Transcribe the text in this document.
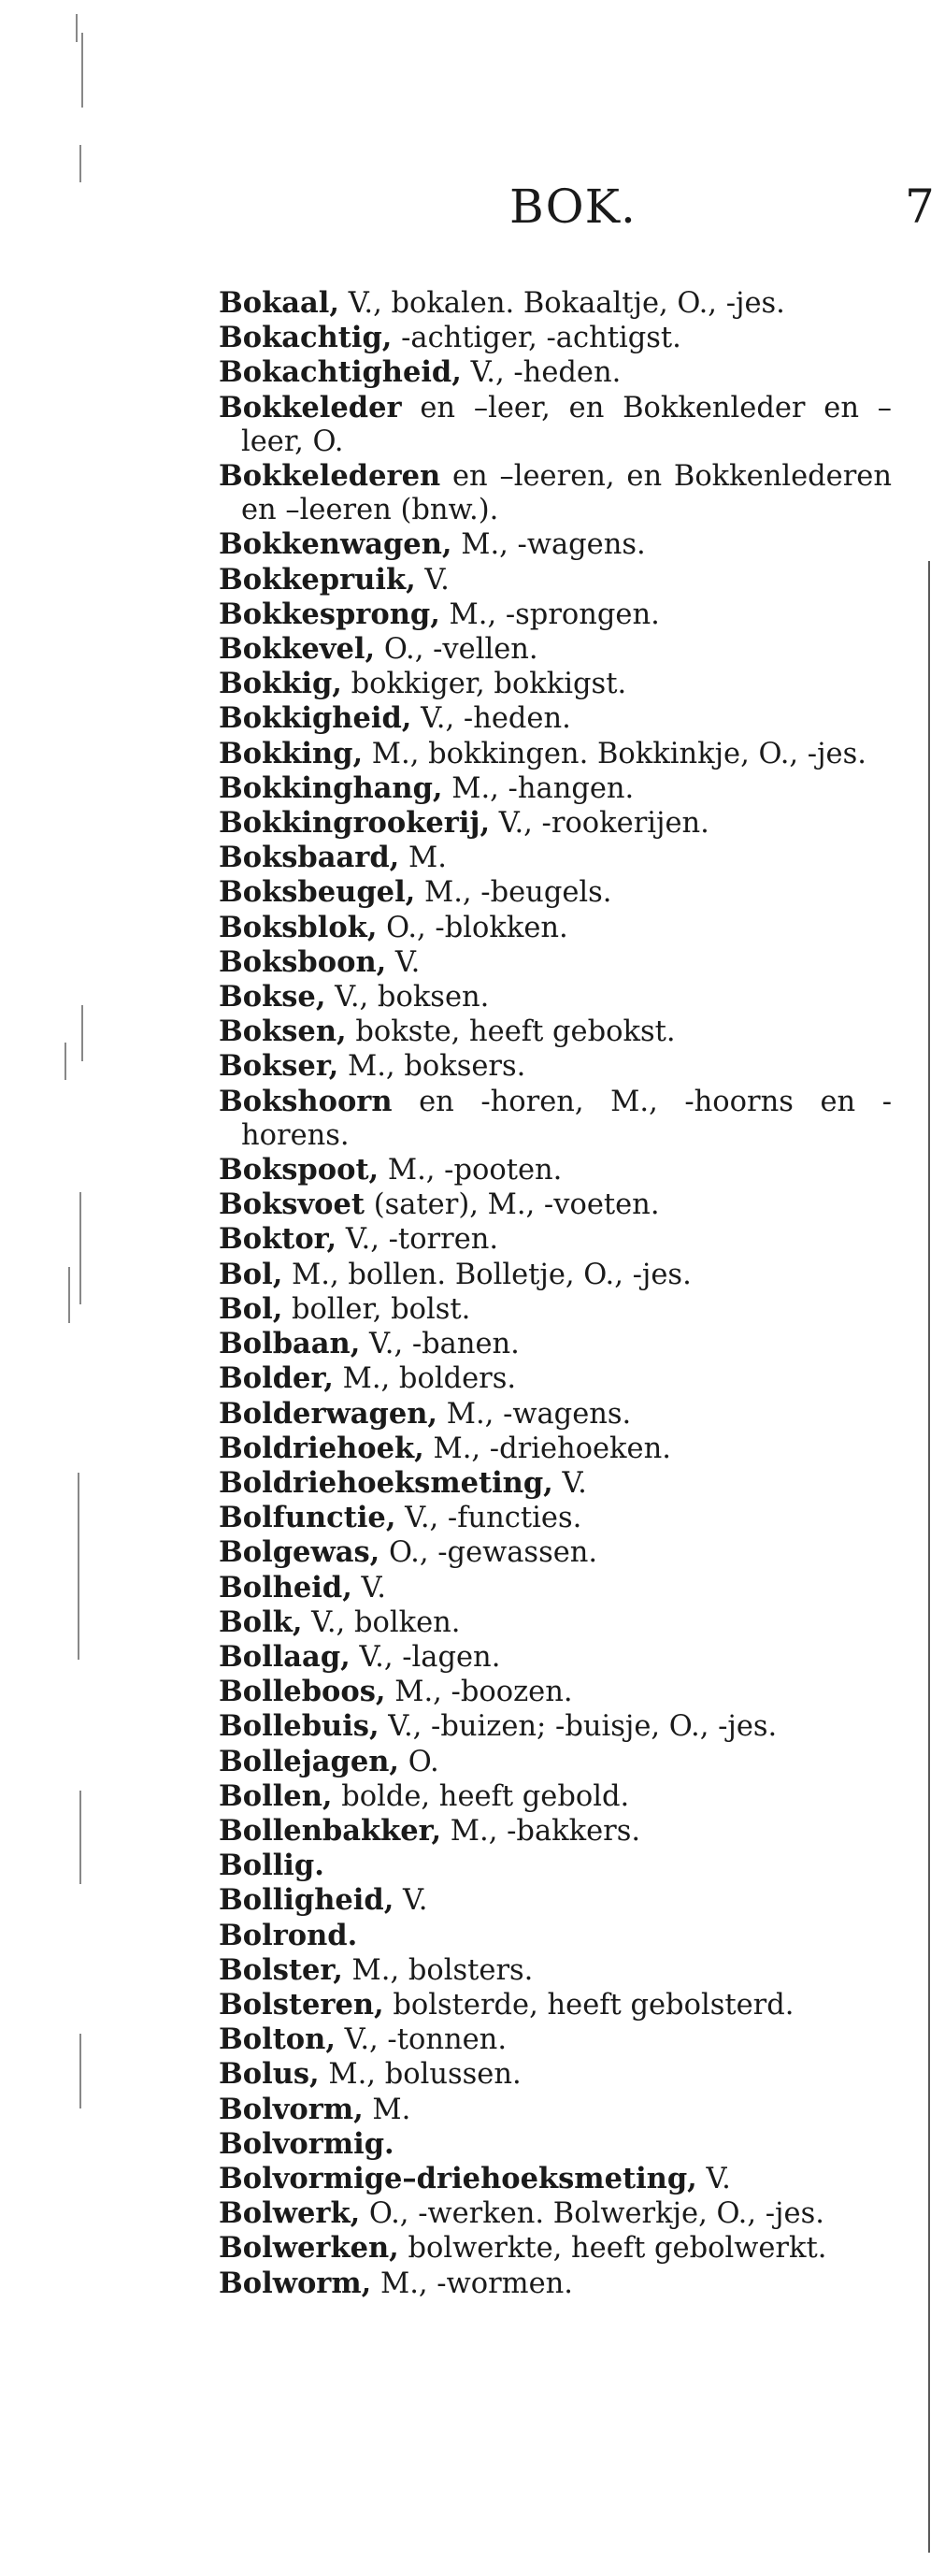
BOK.	7

Bokaal, V., bokalen. Bokaaltje, O., -jes.

Bokachtig, -achtiger, -achtigst.

Bokachtigheid, V., -heden.

Bokkeleder en –leer, en Bokkenleder en –leer, O.

Bokkelederen en –leeren, en Bokkenlederen en –leeren (bnw.).

Bokkenwagen, M., -wagens.

Bokkepruik, V.

Bokkesprong, M., -sprongen.

Bokkevel, O., -vellen.

Bokkig, bokkiger, bokkigst.

Bokkigheid, V., -heden.

Bokking, M., bokkingen. Bokkinkje, O., -jes.

Bokkinghang, M., -hangen.

Bokkingrookerij, V., -rookerijen.

Boksbaard, M.

Boksbeugel, M., -beugels.

Boksblok, O., -blokken.

Boksboon, V.

Bokse, V., boksen.

Boksen, bokste, heeft gebokst.

Bokser, M., boksers.

Bokshoorn en -horen, M., -hoorns en -horens.

Bokspoot, M., -pooten.

Boksvoet (sater), M., -voeten.

Boktor, V., -torren.

Bol, M., bollen. Bolletje, O., -jes.

Bol, boller, bolst.

Bolbaan, V., -banen.

Bolder, M., bolders.

Bolderwagen, M., -wagens.

Boldriehoek, M., -driehoeken.

Boldriehoeksmeting, V.

Bolfunctie, V., -functies.

Bolgewas, O., -gewassen.

Bolheid, V.

Bolk, V., bolken.

Bollaag, V., -lagen.

Bolleboos, M., -boozen.

Bollebuis, V., -buizen; -buisje, O., -jes.

Bollejagen, O.

Bollen, bolde, heeft gebold.

Bollenbakker, M., -bakkers.

Bollig.

Bolligheid, V.

Bolrond.

Bolster, M., bolsters.

Bolsteren, bolsterde, heeft gebolsterd.

Bolton, V., -tonnen.

Bolus, M., bolussen.

Bolvorm, M.

Bolvormig.

Bolvormige–driehoeksmeting, V.

Bolwerk, O., -werken. Bolwerkje, O., -jes.

Bolwerken, bolwerkte, heeft gebolwerkt.

Bolworm, M., -wormen.
